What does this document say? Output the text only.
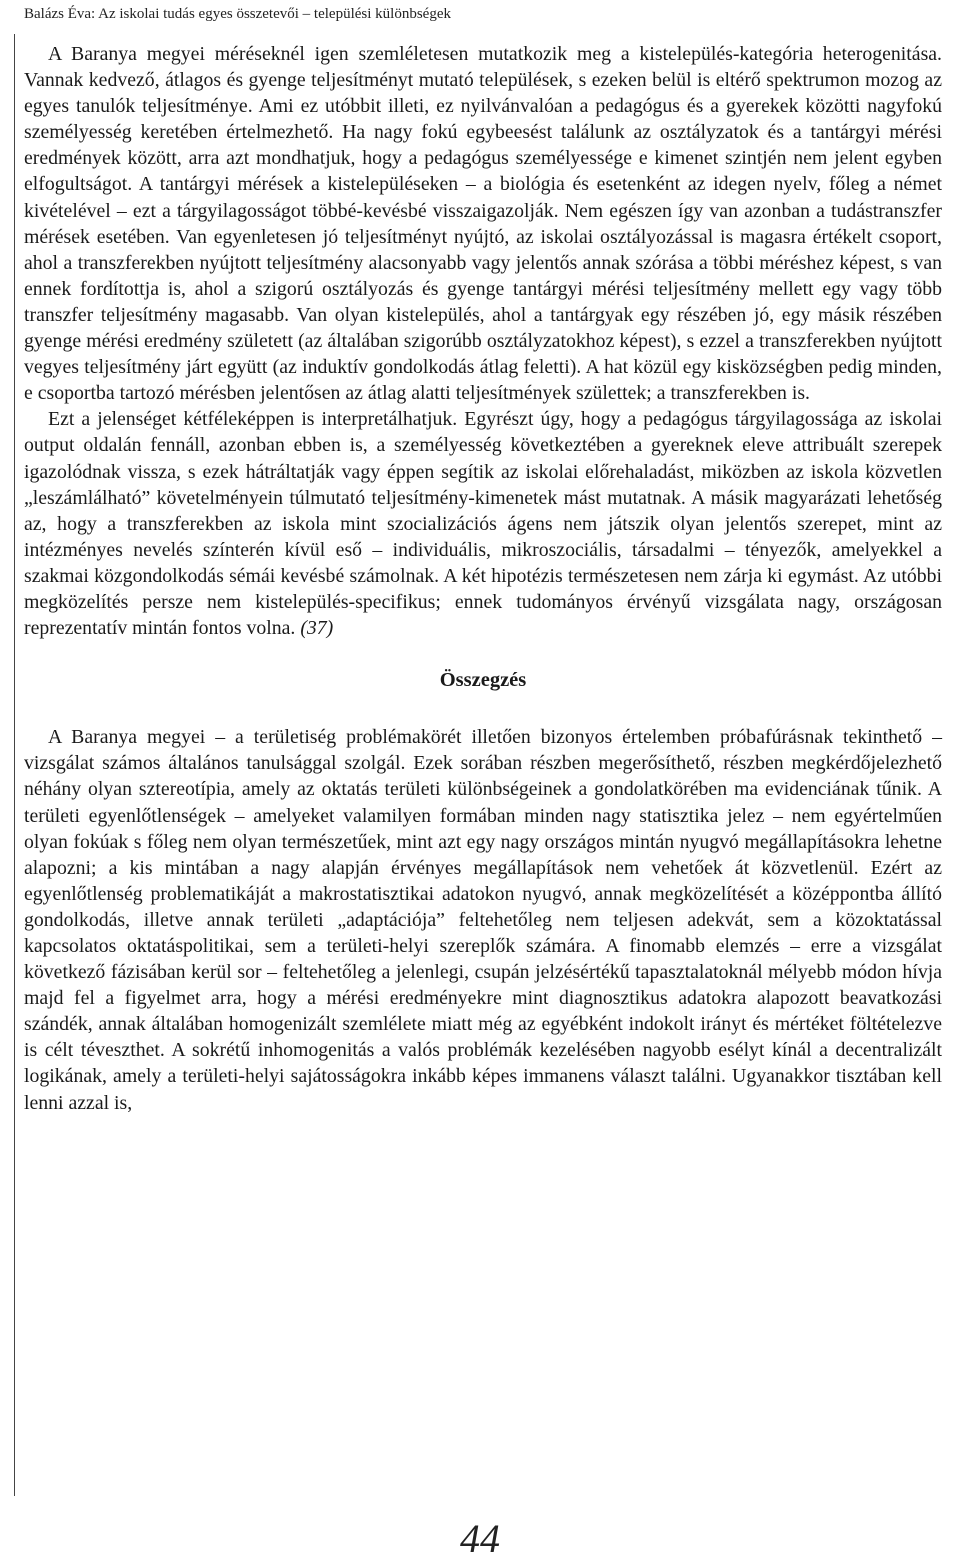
Balázs Éva: Az iskolai tudás egyes összetevői – települési különbségek

A Baranya megyei méréseknél igen szemléletesen mutatkozik meg a kistelepülés-kategória heterogenitása. Vannak kedvező, átlagos és gyenge teljesítményt mutató települések, s ezeken belül is eltérő spektrumon mozog az egyes tanulók teljesítménye. Ami ez utóbbit illeti, ez nyilvánvalóan a pedagógus és a gyerekek közötti nagyfokú személyesség keretében értelmezhető. Ha nagy fokú egybeesést találunk az osztályzatok és a tantárgyi mérési eredmények között, arra azt mondhatjuk, hogy a pedagógus személyessége e kimenet szintjén nem jelent egyben elfogultságot. A tantárgyi mérések a kistelepüléseken – a biológia és esetenként az idegen nyelv, főleg a német kivételével – ezt a tárgyilagosságot többé-kevésbé visszaigazolják. Nem egészen így van azonban a tudástranszfer mérések esetében. Van egyenletesen jó teljesítményt nyújtó, az iskolai osztályozással is magasra értékelt csoport, ahol a transzferekben nyújtott teljesítmény alacsonyabb vagy jelentős annak szórása a többi méréshez képest, s van ennek fordítottja is, ahol a szigorú osztályozás és gyenge tantárgyi mérési teljesítmény mellett egy vagy több transzfer teljesítmény magasabb. Van olyan kistelepülés, ahol a tantárgyak egy részében jó, egy másik részében gyenge mérési eredmény született (az általában szigorúbb osztályzatokhoz képest), s ezzel a transzferekben nyújtott vegyes teljesítmény járt együtt (az induktív gondolkodás átlag feletti). A hat közül egy kisközségben pedig minden, e csoportba tartozó mérésben jelentősen az átlag alatti teljesítmények születtek; a transzferekben is.

Ezt a jelenséget kétféleképpen is interpretálhatjuk. Egyrészt úgy, hogy a pedagógus tárgyilagossága az iskolai output oldalán fennáll, azonban ebben is, a személyesség következtében a gyereknek eleve attribuált szerepek igazolódnak vissza, s ezek hátráltatják vagy éppen segítik az iskolai előrehaladást, miközben az iskola közvetlen „leszámlálható” követelményein túlmutató teljesítmény-kimenetek mást mutatnak. A másik magyarázati lehetőség az, hogy a transzferekben az iskola mint szocializációs ágens nem játszik olyan jelentős szerepet, mint az intézményes nevelés színterén kívül eső – individuális, mikroszociális, társadalmi – tényezők, amelyekkel a szakmai közgondolkodás sémái kevésbé számolnak. A két hipotézis természetesen nem zárja ki egymást. Az utóbbi megközelítés persze nem kistelepülés-specifikus; ennek tudományos érvényű vizsgálata nagy, országosan reprezentatív mintán fontos volna. (37)

Összegzés

A Baranya megyei – a területiség problémakörét illetően bizonyos értelemben próbafúrásnak tekinthető – vizsgálat számos általános tanulsággal szolgál. Ezek sorában részben megerősíthető, részben megkérdőjelezhető néhány olyan sztereotípia, amely az oktatás területi különbségeinek a gondolatkörében ma evidenciának tűnik. A területi egyenlőtlenségek – amelyeket valamilyen formában minden nagy statisztika jelez – nem egyértelműen olyan fokúak s főleg nem olyan természetűek, mint azt egy nagy országos mintán nyugvó megállapításokra lehetne alapozni; a kis mintában a nagy alapján érvényes megállapítások nem vehetőek át közvetlenül. Ezért az egyenlőtlenség problematikáját a makrostatisztikai adatokon nyugvó, annak megközelítését a középpontba állító gondolkodás, illetve annak területi „adaptációja” feltehetőleg nem teljesen adekvát, sem a közoktatással kapcsolatos oktatáspolitikai, sem a területi-helyi szereplők számára. A finomabb elemzés – erre a vizsgálat következő fázisában kerül sor – feltehetőleg a jelenlegi, csupán jelzésértékű tapasztalatoknál mélyebb módon hívja majd fel a figyelmet arra, hogy a mérési eredményekre mint diagnosztikus adatokra alapozott beavatkozási szándék, annak általában homogenizált szemlélete miatt még az egyébként indokolt irányt és mértéket föltételezve is célt téveszthet. A sokrétű inhomogenitás a valós problémák kezelésében nagyobb esélyt kínál a decentralizált logikának, amely a területi-helyi sajátosságokra inkább képes immanens választ találni. Ugyanakkor tisztában kell lenni azzal is,

44
